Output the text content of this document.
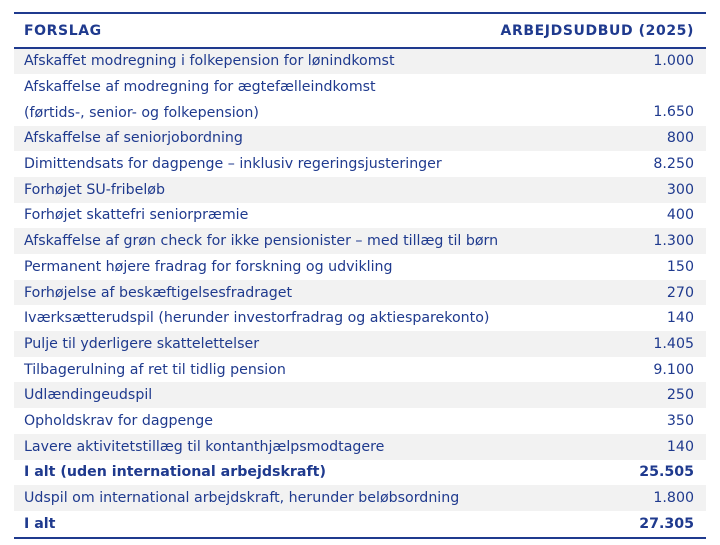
FORSLAG	ARBEJDSUDBUD (2025)
Afskaffet modregning i folkepension for lønindkomst	1.000
Afskaffelse af modregning for ægtefælleindkomst
(førtids-, senior- og folkepension)	1.650
Afskaffelse af seniorjobordning	800
Dimittendsats for dagpenge – inklusiv regeringsjusteringer	8.250
Forhøjet SU-fribeløb	300
Forhøjet skattefri seniorpræmie	400
Afskaffelse af grøn check for ikke pensionister – med tillæg til børn	1.300
Permanent højere fradrag for forskning og udvikling	150
Forhøjelse af beskæftigelsesfradraget	270
Iværksætterudspil (herunder investorfradrag og aktiesparekonto)	140
Pulje til yderligere skattelettelser	1.405
Tilbagerulning af ret til tidlig pension	9.100
Udlændingeudspil	250
Opholdskrav for dagpenge	350
Lavere aktivitetstillæg til kontanthjælpsmodtagere	140
I alt (uden international arbejdskraft)	25.505
Udspil om international arbejdskraft, herunder beløbsordning	1.800
I alt	27.305
